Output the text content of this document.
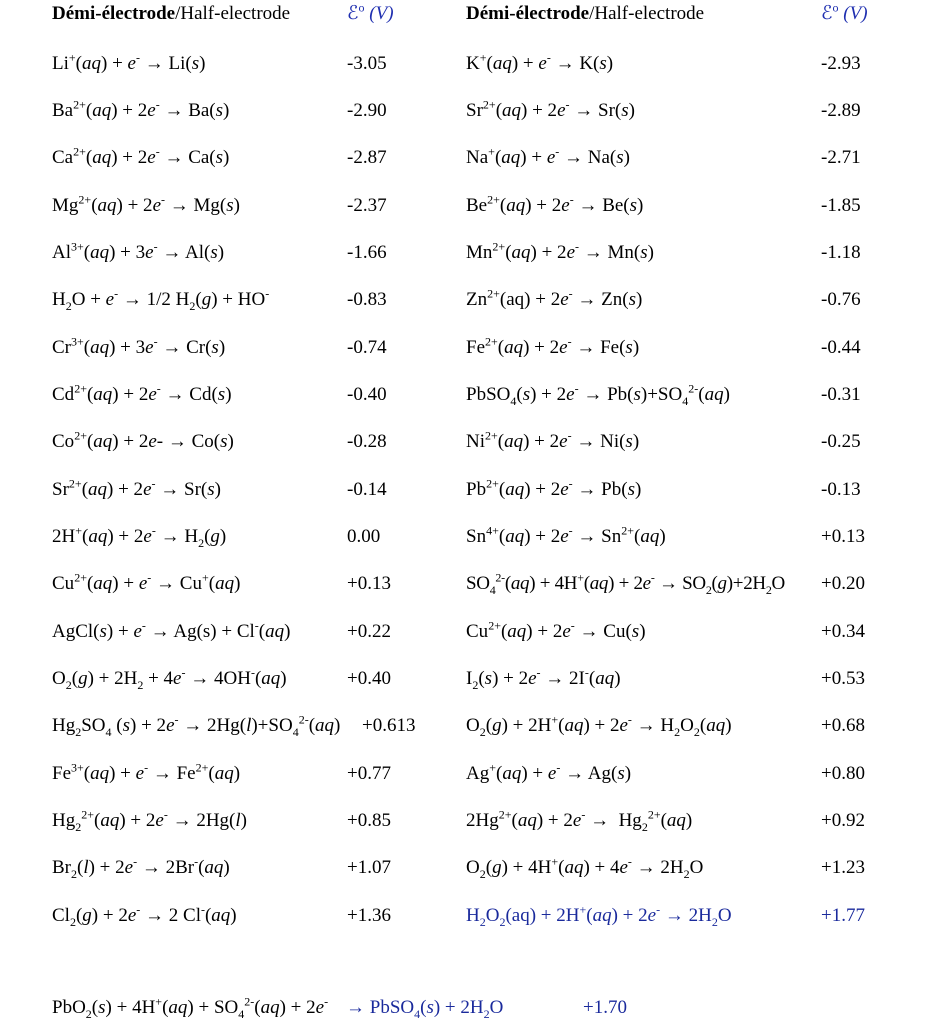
Démi-électrode/Half-electrode	ℰ$^o$ (V)	Démi-électrode/Half-electrode	ℰ$^o$ (V)
Li+(aq) + e- → Li(s)	-3.05
$Ba^{2+}(aq) + 2e^- \to Ba(s)$	-2.90
$Ca^{2+}(aq) + 2e^- \to Ca(s)$	-2.87
$Mg^{2+}(aq) + 2e^- \to Mg(s)$	-2.37
$Al^{3+}(aq) + 3e^- \to Al(s)$	-1.66
$H_2O + e^- \to 1/2$ $H_2(g) + HO^-$	-0.83
$Cr^{3+}(aq) + 3e^- \to Cr(s)$	-0.74
$Cd^{2+}(aq) + 2e^- \to Cd(s)$	-0.40
$Co^{2+}(aq) + 2e- \to Co(s)$	-0.28
$Sr^{2+}(aq) + 2e^- \to Sr(s)$	-0.14
$2H^+(aq) + 2e^- \to H_2(g)$	0.00
$Cu^{2+}(aq) + e^- \to Cu^+(aq)$	+0.13
AgCl(s) + e- → Ag(s) + Cl-(aq)	+0.22
$O_2(g) + 2H_2 + 4e^- \to 4OH^-(aq)$	+0.40
$Hg_2SO_4$ $(s) + 2e^- \to 2Hg(l)+SO_4^{2-}(aq) +0.613$
$Fe^{3+}(aq) + e^- \to Fe^{2+}(aq)$	+0.77
$Hg_2^{2+}(aq) + 2e^- \to 2Hg(l)$	+0.85
$Br_2(l) + 2e^- \to 2Br^-(aq)$	+1.07
$Cl_2(g) + 2e^- \to 2$ Cl-(aq)	+1.36
K+(aq) + e- → K(s)	-2.93
$Sr^{2+}(aq) + 2e^- \to Sr(s)$	-2.89
Na+(aq) + e- → Na(s)	-2.71
$Be^{2+}(aq) + 2e^- \to Be(s)$	-1.85
$Mn^{2+}(aq) + 2e^- \to Mn(s)$	-1.18
$Zn^{2+}(aq) + 2e^- \to Zn(s)$	-0.76
$Fe^{2+}(aq) + 2e^- \to Fe(s)$	-0.44
PbSO$_4$(s) + $2e^- \to Pb(s)+SO_4^{2-}(aq)$	-0.31
$Ni^{2+}(aq) + 2e^- \to Ni(s)$	-0.25
$Pb^{2+}(aq) + 2e^- \to Pb(s)$	-0.13
$Sn^{4+}(aq) + 2e^- \to Sn^{2+}(aq)$	+0.13
$SO_4^{2-}(aq) + 4H^+(aq) + 2e^- \to SO_2(g)+2H_2O +0.20$
$Cu^{2+}(aq) + 2e^- \to Cu(s)$	+0.34
$I_2(s) + 2e^- \to 2I^-(aq)$	+0.53
$O_2(g) + 2H^+(aq) + 2e^- \to H_2O_2(aq)$	+0.68
Ag+(aq) + e- → Ag(s)	+0.80
$2Hg^{2+}(aq) + 2e^- \to Hg_2^{2+}(aq)$	+0.92
$O_2(g) + 4H^+(aq) + 4e^- \to 2H_2O$	+1.23
$H_2O_2(aq) + 2H^+(aq) + 2e^- \to 2H_2O$	+1.77
$PbO_2(s) + 4H^+(aq) + SO_4^{2-}(aq) + 2e^-$ → PbSO$_4$(s) + $2H_2O$	+1.70
